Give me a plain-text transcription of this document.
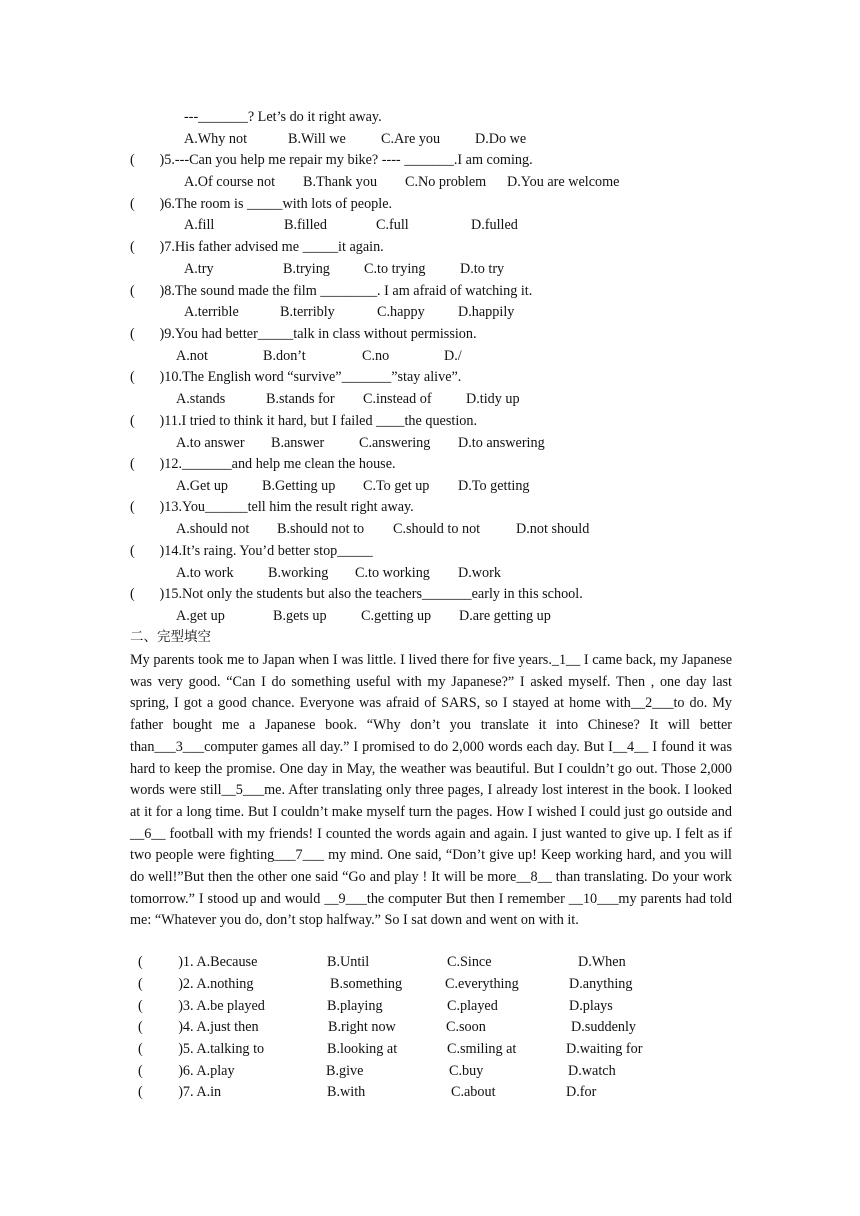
---_______? Let’s do it right away.
A.Why not	B.Will we C.Are you D.Do we
(       )5.---Can you help me repair my bike? ---- _______.I am coming.
A.Of course not B.Thank you C.No problem D.You are welcome
(       )6.The room is _____with lots of people.
A.fill	B.filled	C.full	D.fulled
(       )7.His father advised me _____it again.
A.try	B.trying C.to trying D.to try
(       )8.The sound made the film ________. I am afraid of watching it.
A.terrible	B.terribly	C.happy D.happily
(       )9.You had better_____talk in class without permission.
A.not	B.don’t	C.no	D./
(       )10.The English word “survive”_______”stay alive”.
A.stands	B.stands for C.instead of D.tidy up
(       )11.I tried to think it hard, but I failed ____the question.
A.to answer B.answer C.answering D.to answering
(       )12._______and help me clean the house.
A.Get up B.Getting up C.To get up D.To getting
(       )13.You______tell him the result right away.
A.should not B.should not to C.should to not	D.not should
(       )14.It’s raing. You’d better stop_____
A.to work B.working C.to working D.work
(       )15.Not only the students but also the teachers_______early in this school.
A.get up	B.gets up C.getting up D.are getting up
二、完型填空
My parents took me to Japan when I was little. I lived there for five years._1__ I came back, my Japanese was very good. “Can I do something useful with my Japanese?” I asked myself. Then , one day last spring, I got a good chance. Everyone was afraid of SARS, so I stayed at home with__2___to do. My father bought me a Japanese book. “Why don’t you translate it into Chinese? It will better than___3___computer games all day.” I promised to do 2,000 words each day. But I__4__ I found it was hard to keep the promise. One day in May, the weather was beautiful. But I couldn’t go out. Those 2,000 words were still__5___me. After translating only three pages, I already lost interest in the book. I looked at it for a long time. But I couldn’t make myself turn the pages. How I wished I could just go outside and __6__ football with my friends! I counted the words again and again. I just wanted to give up. I felt as if two people were fighting___7___ my mind. One said, “Don’t give up! Keep working hard, and you will do well!”But then the other one said “Go and play ! It will be more__8__ than translating. Do your work tomorrow.” I stood up and would __9___the computer But then I remember __10___my parents had told me: “Whatever you do, don’t stop halfway.” So I sat down and went on with it.
(          )1. A.Because	B.Until	C.Since	D.When
(          )2. A.nothing	B.something	C.everything	D.anything
(          )3. A.be played	B.playing	C.played	D.plays
(          )4. A.just then	B.right now	C.soon	D.suddenly
(          )5. A.talking to	B.looking at	C.smiling at	D.waiting for
(          )6. A.play	B.give	C.buy	D.watch
(          )7. A.in	B.with	C.about	D.for
